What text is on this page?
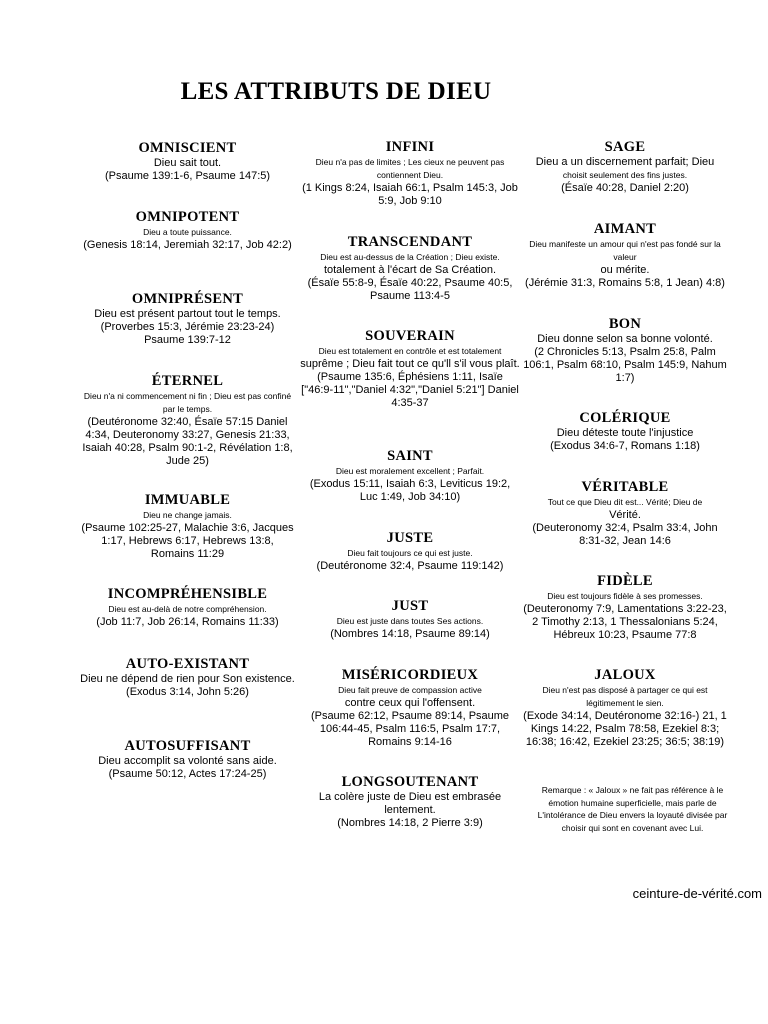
LES ATTRIBUTS DE DIEU
OMNISCIENT
Dieu sait tout.
(Psaume 139:1-6, Psaume 147:5)
OMNIPOTENT
Dieu a toute puissance.
(Genesis 18:14, Jeremiah 32:17, Job 42:2)
OMNIPRÉSENT
Dieu est présent partout tout le temps.
(Proverbes 15:3, Jérémie 23:23-24) Psaume 139:7-12
ÉTERNEL
Dieu n'a ni commencement ni fin ; Dieu est pas confiné par le temps.
(Deutéronome 32:40, Ésaïe 57:15 Daniel 4:34, Deuteronomy 33:27, Genesis 21:33, Isaiah 40:28, Psalm 90:1-2, Révélation 1:8, Jude 25)
IMMUABLE
Dieu ne change jamais.
(Psaume 102:25-27, Malachie 3:6, Jacques 1:17, Hebrews 6:17, Hebrews 13:8, Romains 11:29
INCOMPRÉHENSIBLE
Dieu est au-delà de notre compréhension.
(Job 11:7, Job 26:14, Romains 11:33)
AUTO-EXISTANT
Dieu ne dépend de rien pour Son existence.
(Exodus 3:14, John 5:26)
AUTOSUFFISANT
Dieu accomplit sa volonté sans aide.
(Psaume 50:12, Actes 17:24-25)
INFINI
Dieu n'a pas de limites ; Les cieux ne peuvent pas contiennent Dieu.
(1 Kings 8:24, Isaiah 66:1, Psalm 145:3, Job 5:9, Job 9:10
TRANSCENDANT
Dieu est au-dessus de la Création ; Dieu existe.
totalement à l'écart de Sa Création.
(Ésaïe 55:8-9, Ésaïe 40:22, Psaume 40:5, Psaume 113:4-5
SOUVERAIN
Dieu est totalement en contrôle et est totalement
suprême ; Dieu fait tout ce qu'll s'il vous plaît.
(Psaume 135:6, Éphésiens 1:11, Isaïe ["46:9-11","Daniel 4:32","Daniel 5:21"] Daniel 4:35-37
SAINT
Dieu est moralement excellent ; Parfait.
(Exodus 15:11, Isaiah 6:3, Leviticus 19:2, Luc 1:49, Job 34:10)
JUSTE
Dieu fait toujours ce qui est juste.
(Deutéronome 32:4, Psaume 119:142)
JUST
Dieu est juste dans toutes Ses actions.
(Nombres 14:18, Psaume 89:14)
MISÉRICORDIEUX
Dieu fait preuve de compassion active
contre ceux qui l'offensent.
(Psaume 62:12, Psaume 89:14, Psaume 106:44-45, Psalm 116:5, Psalm 17:7, Romains 9:14-16
LONGSOUTENANT
La colère juste de Dieu est embrasée lentement.
(Nombres 14:18, 2 Pierre 3:9)
SAGE
Dieu a un discernement parfait; Dieu
choisit seulement des fins justes.
(Ésaïe 40:28, Daniel 2:20)
AIMANT
Dieu manifeste un amour qui n'est pas fondé sur la valeur
ou mérite.
(Jérémie 31:3, Romains 5:8, 1 Jean) 4:8)
BON
Dieu donne selon sa bonne volonté.
(2 Chronicles 5:13, Psalm 25:8, Palm 106:1, Psalm 68:10, Psalm 145:9, Nahum 1:7)
COLÉRIQUE
Dieu déteste toute l'injustice
(Exodus 34:6-7, Romans 1:18)
VÉRITABLE
Tout ce que Dieu dit est... Vérité; Dieu de
Vérité.
(Deuteronomy 32:4, Psalm 33:4, John 8:31-32, Jean 14:6
FIDÈLE
Dieu est toujours fidèle à ses promesses.
(Deuteronomy 7:9, Lamentations 3:22-23, 2 Timothy 2:13, 1 Thessalonians 5:24, Hébreux 10:23, Psaume 77:8
JALOUX
Dieu n'est pas disposé à partager ce qui est légitimement le sien.
(Exode 34:14, Deutéronome 32:16-) 21, 1 Kings 14:22, Psalm 78:58, Ezekiel 8:3; 16:38; 16:42, Ezekiel 23:25; 36:5; 38:19)
Remarque : « Jaloux » ne fait pas référence à le émotion humaine superficielle, mais parle de L'intolérance de Dieu envers la loyauté divisée par choisir qui sont en covenant avec Lui.
ceinture-de-vérité.com
